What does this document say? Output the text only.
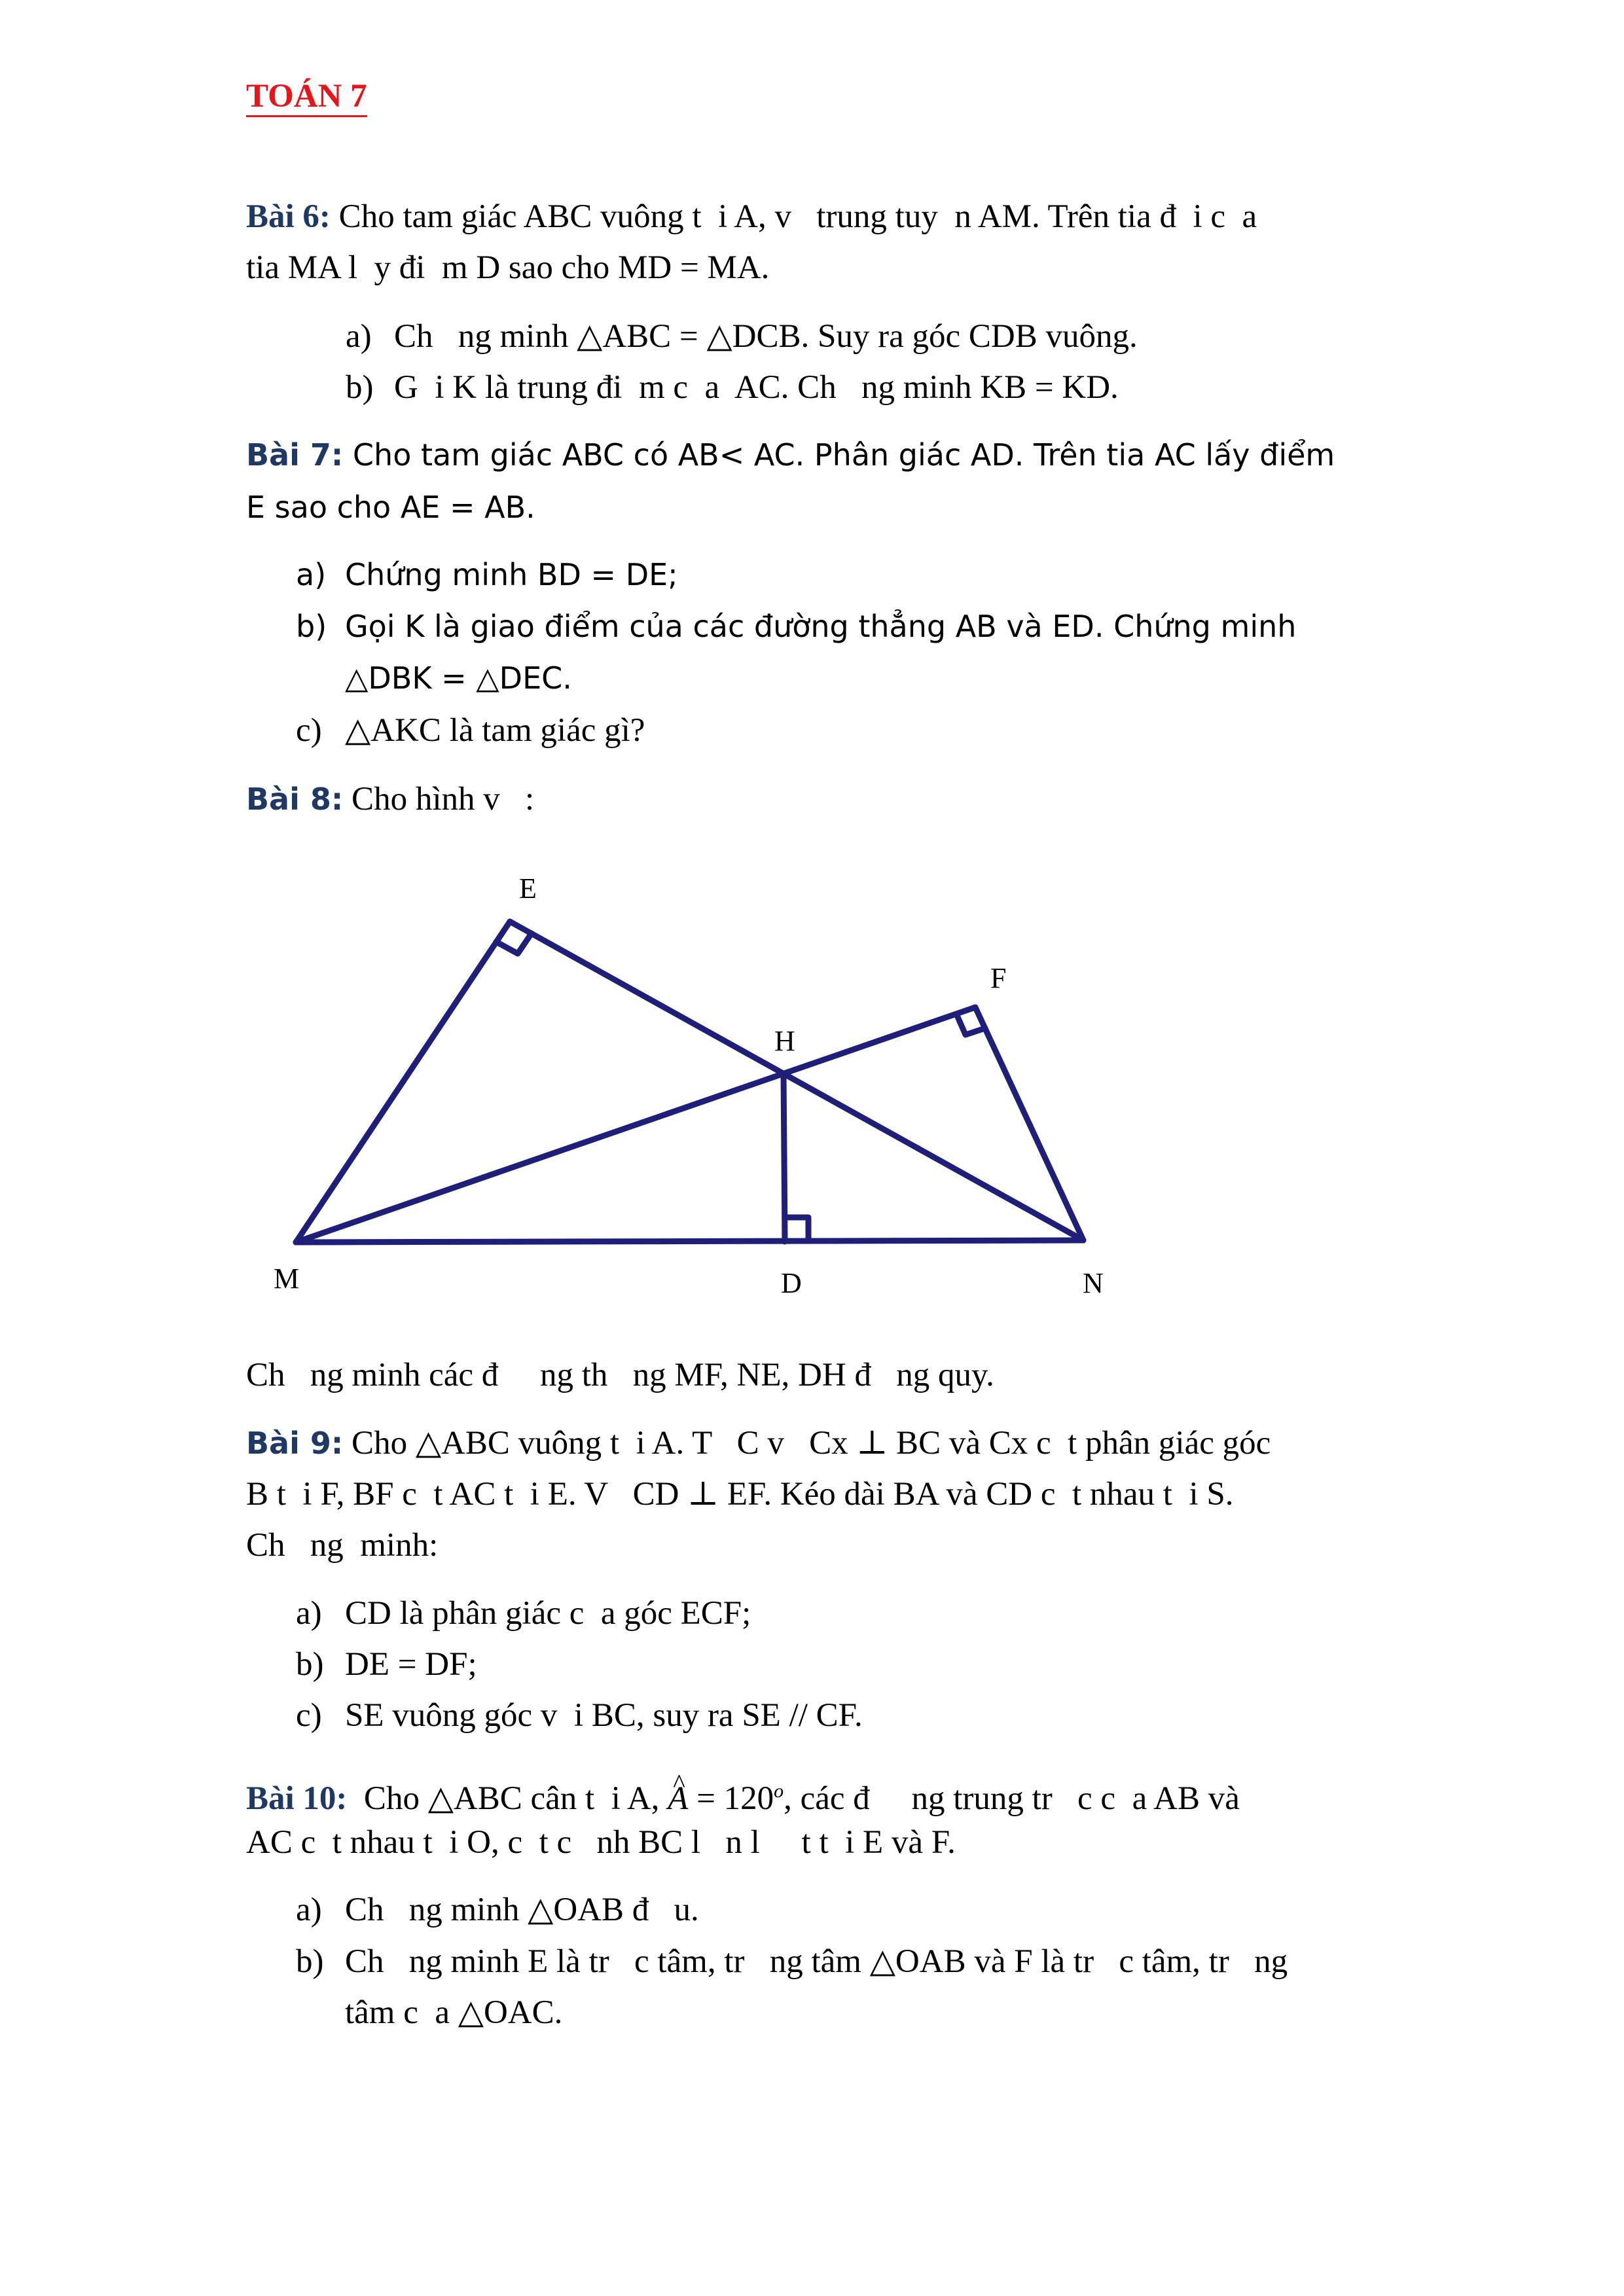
TOÁN 7
Bài 6: Cho tam giác ABC vuông t  i A, v   trung tuy  n AM. Trên tia đ  i c  a
tia MA l  y đi  m D sao cho MD = MA.
a) Ch   ng minh △ABC = △DCB. Suy ra góc CDB vuông.
b) G  i K là trung đi  m c  a  AC. Ch   ng minh KB = KD.
Bài 7: Cho tam giác ABC có AB< AC. Phân giác AD. Trên tia AC lấy điểm
E sao cho AE = AB.
a) Chứng minh BD = DE;
b) Gọi K là giao điểm của các đường thẳng AB và ED. Chứng minh
△DBK = △DEC.
c) △AKC là tam giác gì?
Bài 8: Cho hình v   :
E
F
H
M	D	N
Ch   ng minh các đ     ng th   ng MF, NE, DH đ   ng quy.
Bài 9: Cho △ABC vuông t  i A. T   C v   Cx ⊥ BC và Cx c  t phân giác góc
B t  i F, BF c  t AC t  i E. V   CD ⊥ EF. Kéo dài BA và CD c  t nhau t  i S.
Ch   ng  minh:
a) CD là phân giác c  a góc ECF;
b) DE = DF;
c) SE vuông góc v  i BC, suy ra SE // CF.
Bài 10:  Cho △ABC cân t  i A, ^ $A = 120^o$, các đ     ng trung tr   c c  a AB và
AC c  t nhau t  i O, c  t c   nh BC l   n l     t t  i E và F.
a) Ch   ng minh △OAB đ   u.
b) Ch   ng minh E là tr   c tâm, tr   ng tâm △OAB và F là tr   c tâm, tr   ng
tâm c  a △OAC.
